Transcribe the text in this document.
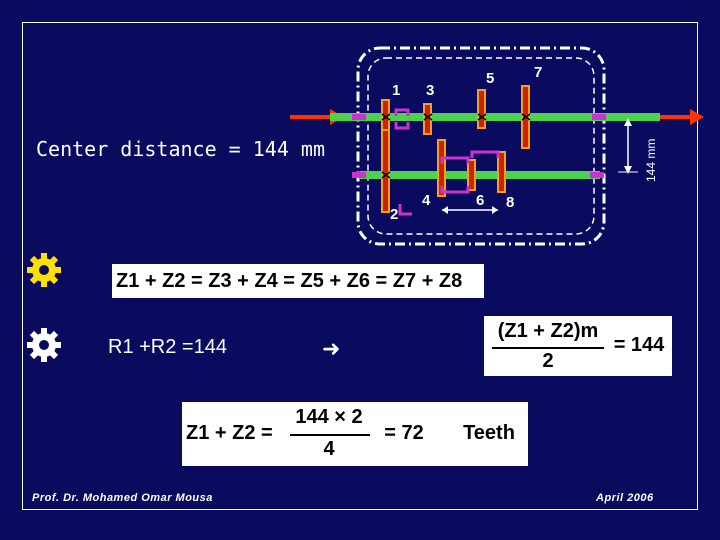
1
2
3
4
5
6
7
8
144 mm
Center distance = 144 mm
Z1 + Z2 = Z3 + Z4 = Z5 + Z6 = Z7 + Z8
R1 +R2 =144	➜
(Z1 + Z2)m
2
= 144
Z1 + Z2 =
144 × 2
4
= 72	Teeth
Prof. Dr. Mohamed Omar Mousa	April 2006
